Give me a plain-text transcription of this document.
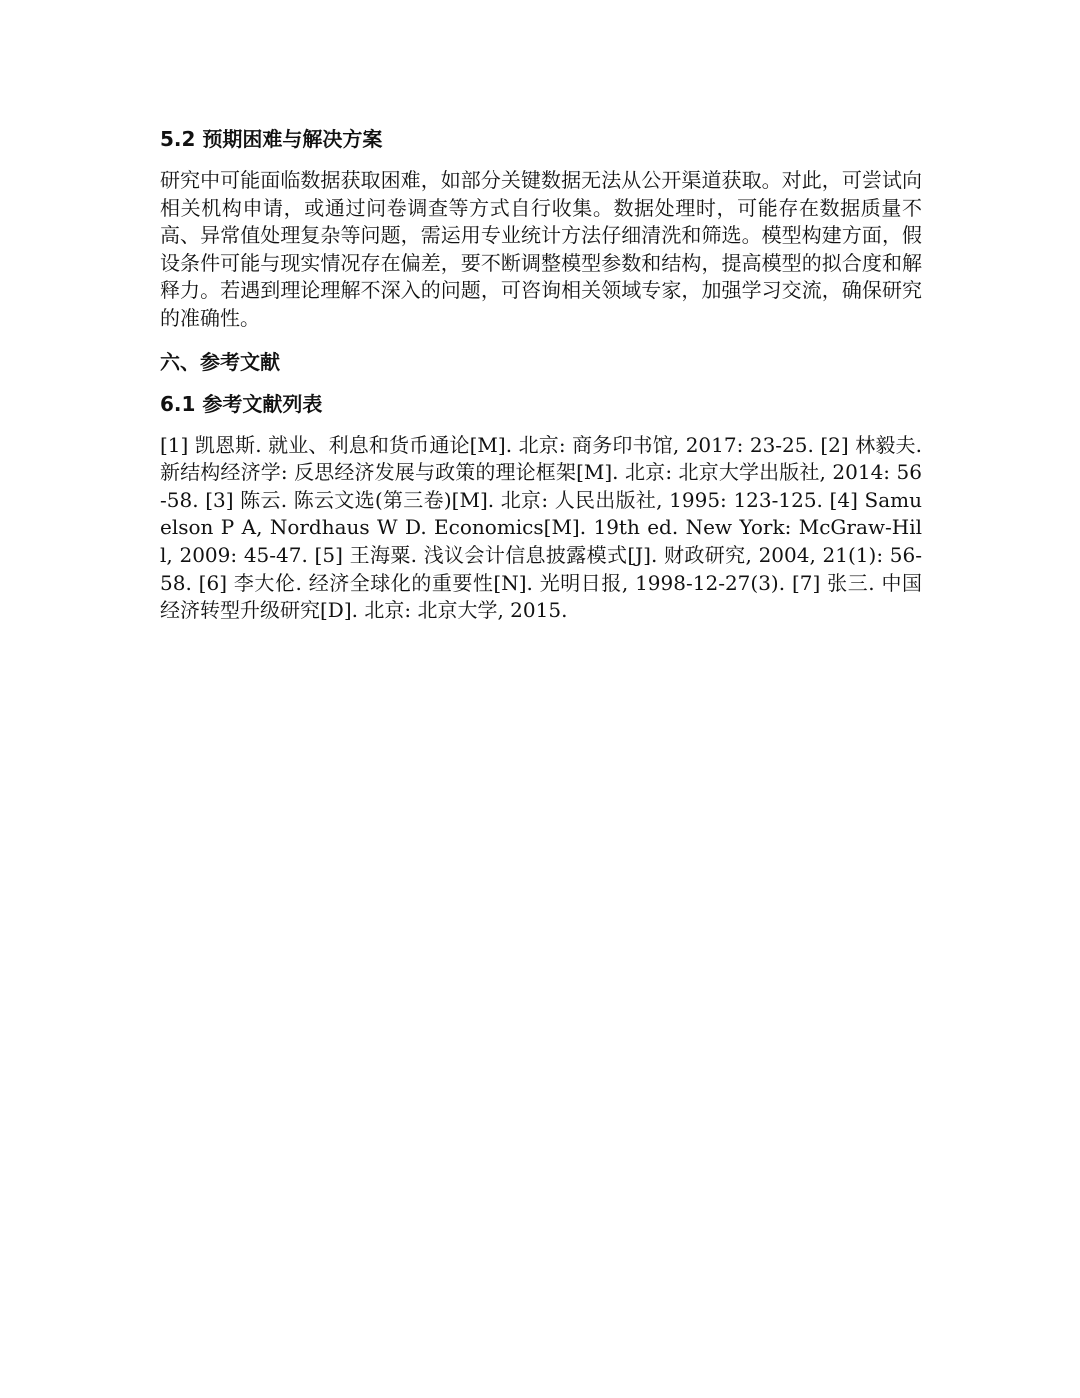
5.2 预期困难与解决方案

研究中可能面临数据获取困难，如部分关键数据无法从公开渠道获取。对此，可尝试向相关机构申请，或通过问卷调查等方式自行收集。数据处理时，可能存在数据质量不高、异常值处理复杂等问题，需运用专业统计方法仔细清洗和筛选。模型构建方面，假设条件可能与现实情况存在偏差，要不断调整模型参数和结构，提高模型的拟合度和解释力。若遇到理论理解不深入的问题，可咨询相关领域专家，加强学习交流，确保研究的准确性。

六、参考文献
6.1 参考文献列表

[1] 凯恩斯. 就业、利息和货币通论[M]. 北京: 商务印书馆, 2017: 23-25. [2] 林毅夫. 新结构经济学: 反思经济发展与政策的理论框架[M]. 北京: 北京大学出版社, 2014: 56-58. [3] 陈云. 陈云文选(第三卷)[M]. 北京: 人民出版社, 1995: 123-125. [4] Samuelson P A, Nordhaus W D. Economics[M]. 19th ed. New York: McGraw-Hill, 2009: 45-47. [5] 王海粟. 浅议会计信息披露模式[J]. 财政研究, 2004, 21(1): 56-58. [6] 李大伦. 经济全球化的重要性[N]. 光明日报, 1998-12-27(3). [7] 张三. 中国经济转型升级研究[D]. 北京: 北京大学, 2015.
